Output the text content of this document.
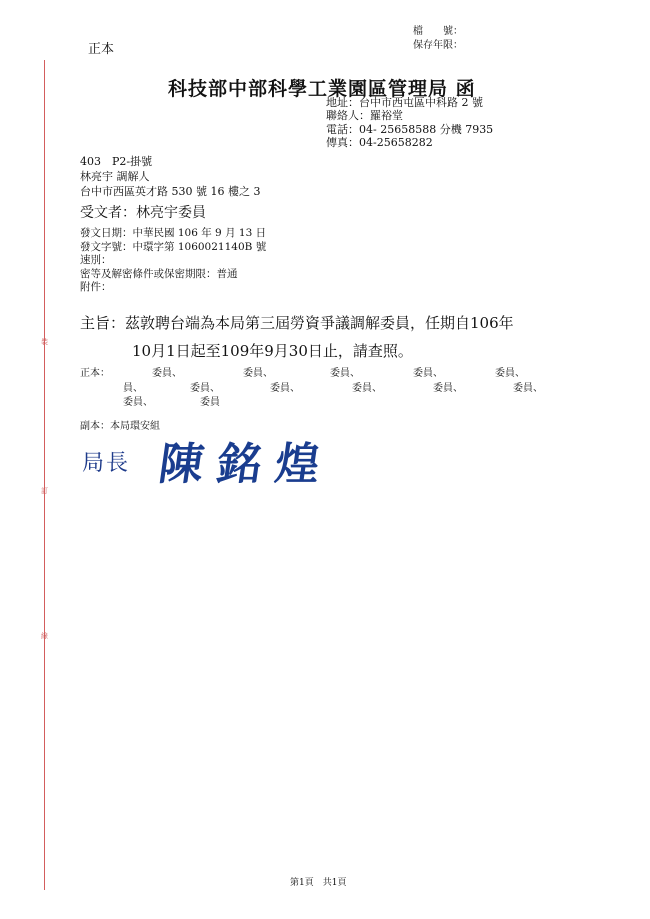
裝
訂
線
正本
檔　　號：
保存年限：
科技部中部科學工業園區管理局 函
地址：台中市西屯區中科路 2 號
聯絡人：羅裕堂
電話：04- 25658588 分機 7935
傳真：04-25658282
403　P2-掛號
林亮宇 調解人
台中市西區英才路 530 號 16 樓之 3
受文者：林亮宇委員
發文日期：中華民國 106 年 9 月 13 日
發文字號：中環字第 1060021140B 號
速別：
密等及解密條件或保密期限：普通
附件：
主旨：茲敦聘台端為本局第三屆勞資爭議調解委員，任期自106年
10月1日起至109年9月30日止，請查照。
正本：	委員、	委員、	委員、	委員、	委員、
員、	委員、	委員、	委員、	委員、	委員、
委員、	委員
副本：本局環安組
局長 陳銘煌
第1頁　共1頁
